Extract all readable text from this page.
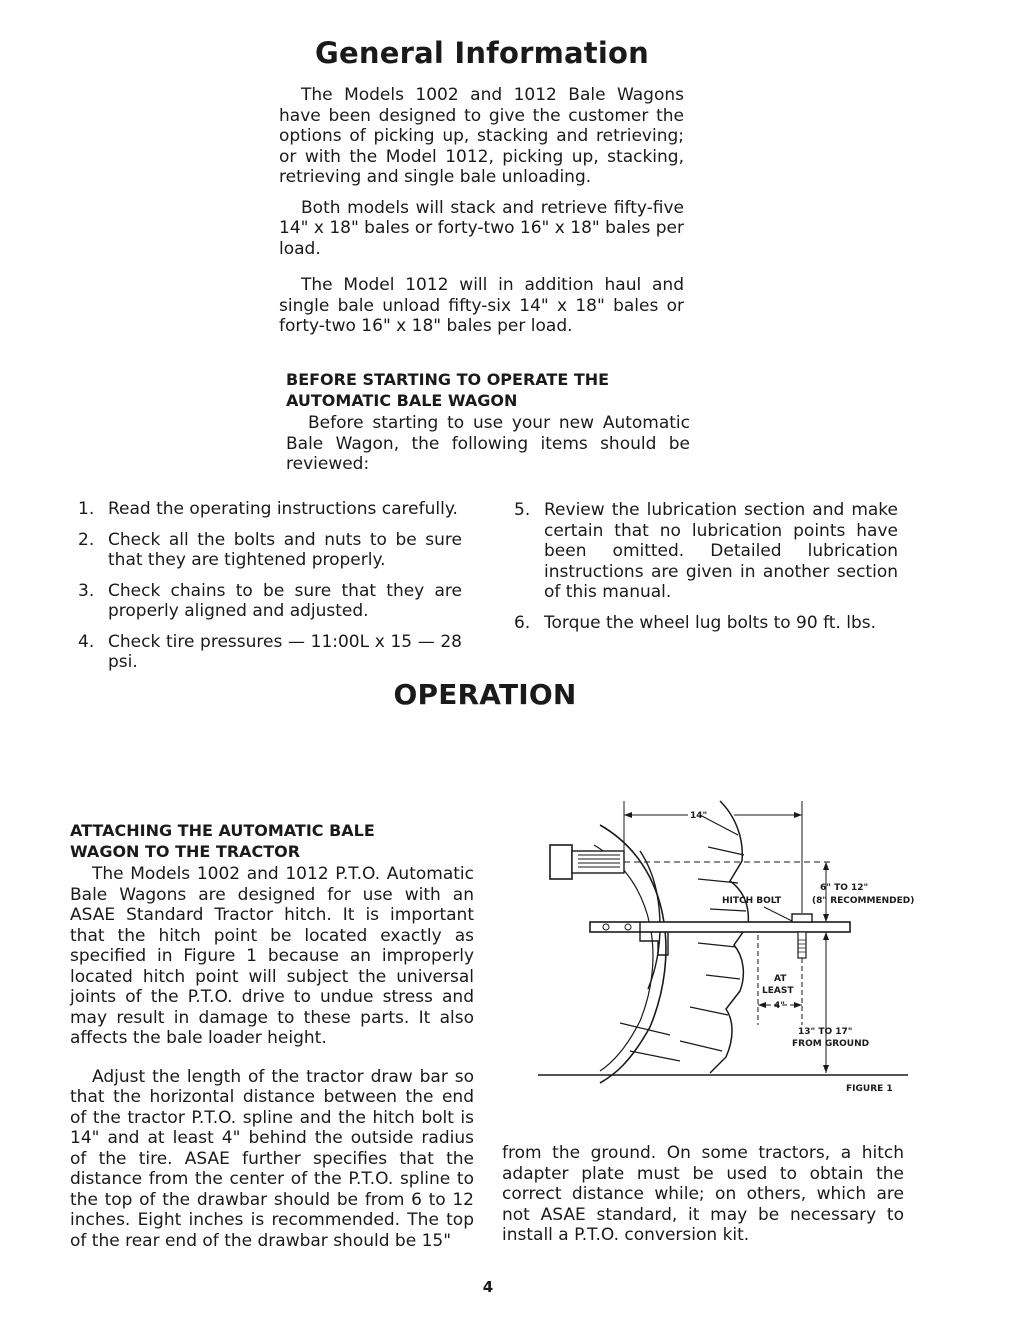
General Information

The Models 1002 and 1012 Bale Wagons have been designed to give the customer the options of picking up, stacking and retrieving; or with the Model 1012, picking up, stacking, retrieving and single bale unloading.

Both models will stack and retrieve fifty-five 14" x 18" bales or forty-two 16" x 18" bales per load.

The Model 1012 will in addition haul and single bale unload fifty-six 14" x 18" bales or forty-two 16" x 18" bales per load.

BEFORE STARTING TO OPERATE THE

AUTOMATIC BALE WAGON

Before starting to use your new Automatic Bale Wagon, the following items should be reviewed:

1. Read the operating instructions carefully.
2. Check all the bolts and nuts to be sure that they are tightened properly.
3. Check chains to be sure that they are properly aligned and adjusted.
4. Check tire pressures — 11:00L x 15 — 28 psi.
5. Review the lubrication section and make certain that no lubrication points have been omitted. Detailed lubrication instructions are given in another section of this manual.
6. Torque the wheel lug bolts to 90 ft. lbs.
OPERATION

ATTACHING THE AUTOMATIC BALE

WAGON TO THE TRACTOR

The Models 1002 and 1012 P.T.O. Automatic Bale Wagons are designed for use with an ASAE Standard Tractor hitch. It is important that the hitch point be located exactly as specified in Figure 1 because an improperly located hitch point will subject the universal joints of the P.T.O. drive to undue stress and may result in damage to these parts. It also affects the bale loader height.

Adjust the length of the tractor draw bar so that the horizontal distance between the end of the tractor P.T.O. spline and the hitch bolt is 14" and at least 4" behind the outside radius of the tire. ASAE further specifies that the distance from the center of the P.T.O. spline to the top of the drawbar should be from 6 to 12 inches. Eight inches is recommended. The top of the rear end of the drawbar should be 15"

from the ground. On some tractors, a hitch adapter plate must be used to obtain the correct distance while; on others, which are not ASAE standard, it may be necessary to install a P.T.O. conversion kit.

14"
6" TO 12"
(8" RECOMMENDED)
HITCH BOLT
AT
LEAST
4"
13" TO 17"
FROM GROUND
FIGURE 1
4
